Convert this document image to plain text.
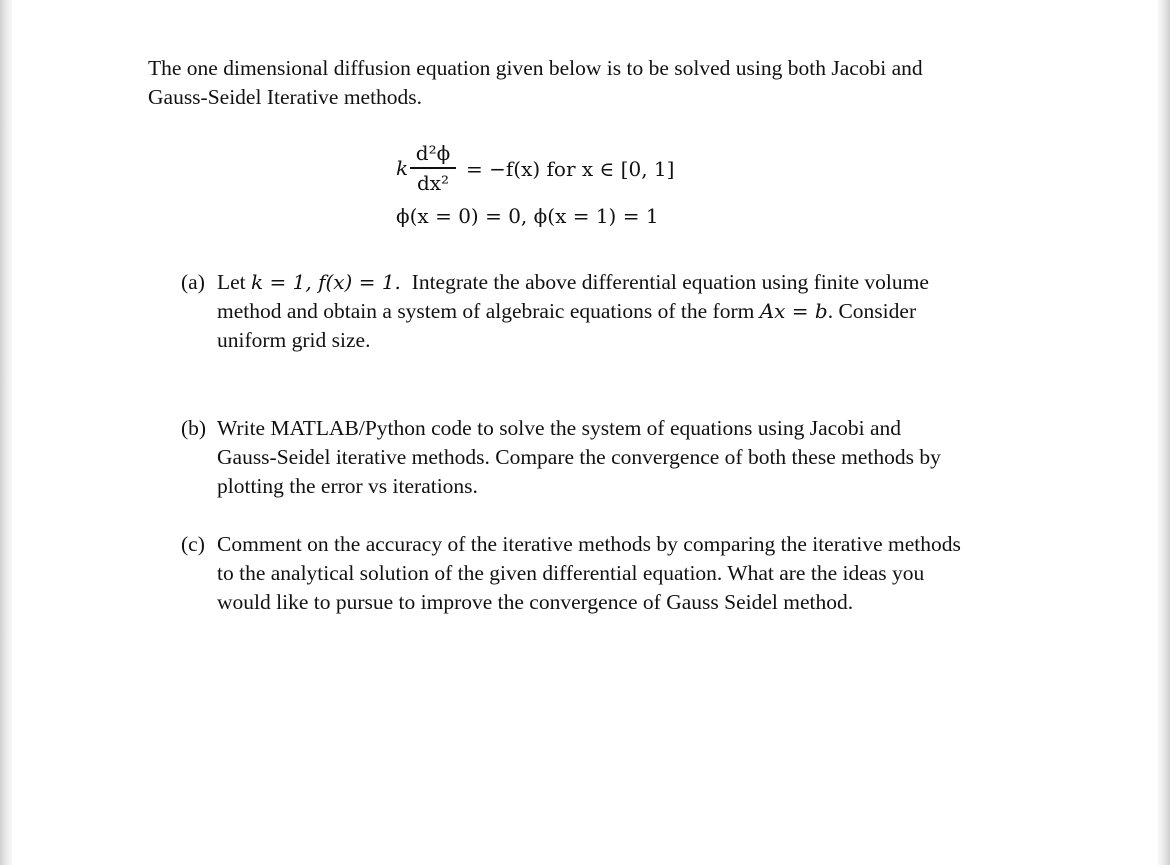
The one dimensional diffusion equation given below is to be solved using both Jacobi and
Gauss-Seidel Iterative methods.

k
d²ϕ
dx²
= −f(x) for x ∈ [0, 1]
ϕ(x = 0) = 0, ϕ(x = 1) = 1
(a) Let k = 1, f(x) = 1.  Integrate the above differential equation using finite volume
method and obtain a system of algebraic equations of the form Ax = b. Consider
uniform grid size.
(b) Write MATLAB/Python code to solve the system of equations using Jacobi and
Gauss-Seidel iterative methods. Compare the convergence of both these methods by
plotting the error vs iterations.
(c) Comment on the accuracy of the iterative methods by comparing the iterative methods
to the analytical solution of the given differential equation. What are the ideas you
would like to pursue to improve the convergence of Gauss Seidel method.
